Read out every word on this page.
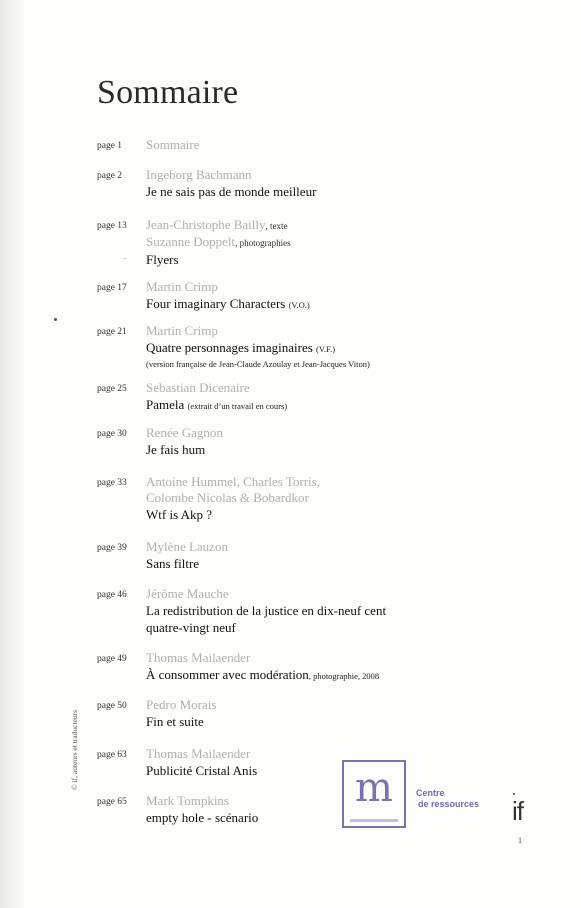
Sommaire
page 1 Sommaire
page 2 Ingeborg Bachmann
Je ne sais pas de monde meilleur
page 13 Jean-Christophe Bailly, texte
Suzanne Doppelt, photographies
Flyers
page 17 Martin Crimp
Four imaginary Characters (V.O.)
page 21 Martin Crimp
Quatre personnages imaginaires (V.F.)
(version française de Jean-Claude Azoulay et Jean-Jacques Viton)
page 25 Sebastian Dicenaire
Pamela (extrait d’un travail en cours)
page 30 Renée Gagnon
Je fais hum
page 33 Antoine Hummel, Charles Torris,
Colombe Nicolas & Bobardkor
Wtf is Akp ?
page 39 Mylène Lauzon
Sans filtre
page 46 Jérôme Mauche
La redistribution de la justice en dix-neuf cent
quatre-vingt neuf
page 49 Thomas Mailaender
À consommer avec modération, photographie, 2008
page 50 Pedro Morais
Fin et suite
page 63 Thomas Mailaender
Publicité Cristal Anis
page 65 Mark Tompkins
empty hole - scénario
-
© if, auteurs et traducteurs	m	Centre
de ressources if
1
